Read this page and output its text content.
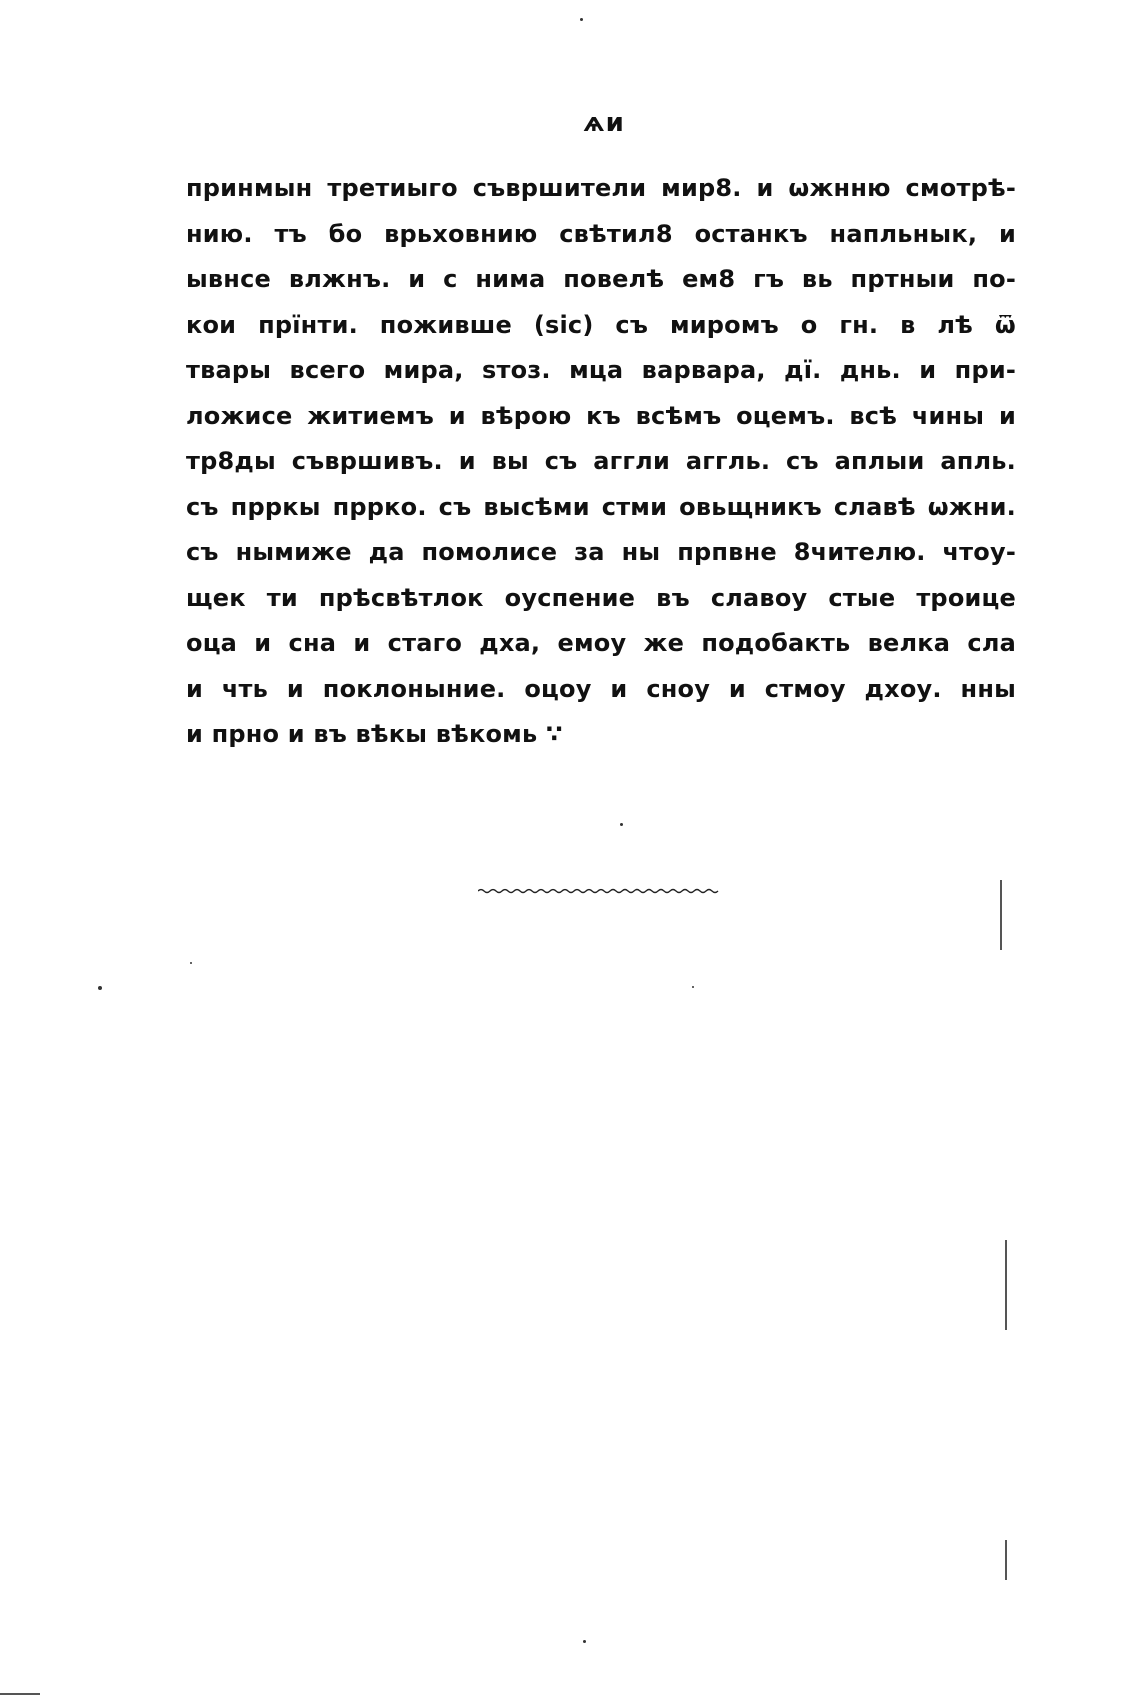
ѧи
принмын третиыго съвршители мир8. и ѡжнню смотрѣ-
нию. тъ бо врьховнию свѣтил8 останкъ напльнык, и
ывнсе влжнъ. и с нима повелѣ ем8 гъ вь пртныи по-
кои прїнти. поживше (sic) съ миромъ о гн. в лѣ ѿ
твары всего мира, ѕтоз. мца варвара, дї. днь. и при-
ложисе житиемъ и вѣрою къ всѣмъ оцемъ. всѣ чины и
тр8ды съвршивъ. и вы съ аггли аггль. съ аплыи апль.
съ прркы пррко. съ высѣми стми овьщникъ славѣ ѡжни.
съ нымиже да помолисе за ны прпвне 8чителю. чтоу-
щек ти прѣсвѣтлок оуспение въ славоу стые троице
оца и сна и стаго дха, емоу же подобакть велка сла
и чть и поклоныние. оцоу и сноу и стмоу дхоу. нны
и прно и въ вѣкы вѣкомь ∵
